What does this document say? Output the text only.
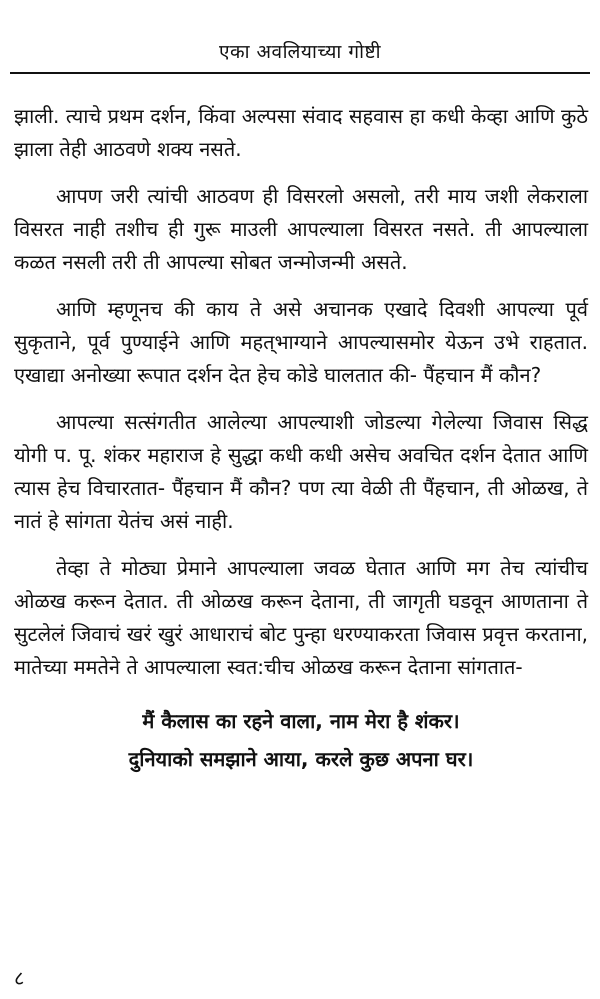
एका अवलियाच्या गोष्टी

झाली. त्याचे प्रथम दर्शन, किंवा अल्पसा संवाद सहवास हा कधी केव्हा आणि कुठे झाला तेही आठवणे शक्य नसते.

आपण जरी त्यांची आठवण ही विसरलो असलो, तरी माय जशी लेकराला विसरत नाही तशीच ही गुरू माउली आपल्याला विसरत नसते. ती आपल्याला कळत नसली तरी ती आपल्या सोबत जन्मोजन्मी असते.

आणि म्हणूनच की काय ते असे अचानक एखादे दिवशी आपल्या पूर्व सुकृताने, पूर्व पुण्याईने आणि महत्‌भाग्याने आपल्यासमोर येऊन उभे राहतात. एखाद्या अनोख्या रूपात दर्शन देत हेच कोडे घालतात की- पैंहचान मैं कौन?

आपल्या सत्संगतीत आलेल्या आपल्याशी जोडल्या गेलेल्या जिवास सिद्ध योगी प. पू. शंकर महाराज हे सुद्धा कधी कधी असेच अवचित दर्शन देतात आणि त्यास हेच विचारतात- पैंहचान मैं कौन? पण त्या वेळी ती पैंहचान, ती ओळख, ते नातं हे सांगता येतंच असं नाही.

तेव्हा ते मोठ्या प्रेमाने आपल्याला जवळ घेतात आणि मग तेच त्यांचीच ओळख करून देतात. ती ओळख करून देताना, ती जागृती घडवून आणताना ते सुटलेलं जिवाचं खरं खुरं आधाराचं बोट पुन्हा धरण्याकरता जिवास प्रवृत्त करताना, मातेच्या ममतेने ते आपल्याला स्वत:चीच ओळख करून देताना सांगतात-

मैं कैलास का रहने वाला, नाम मेरा है शंकर।
दुनियाको समझाने आया, करले कुछ अपना घर।
८
